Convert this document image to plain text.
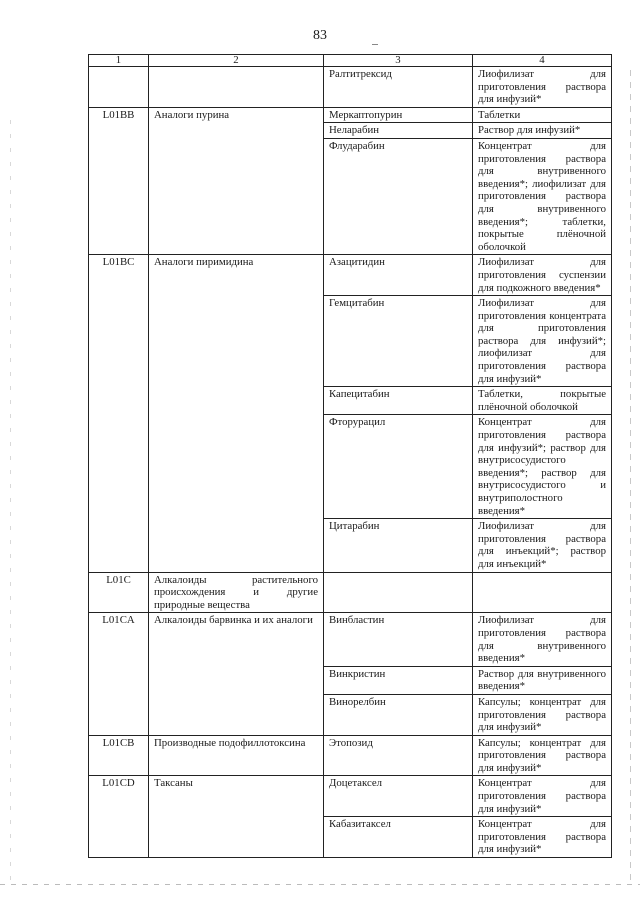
83
1	2	3	4
		Ралтитрексид	Лиофилизат для приготовления раствора для инфузий*
L01BB	Аналоги пурина	Меркаптопурин	Таблетки
		Неларабин	Раствор для инфузий*
		Флударабин	Концентрат для приготовления раствора для внутривенного введения*; лиофилизат для приготовления раствора для внутривенного введения*; таблетки, покрытые плёночной оболочкой
L01BC	Аналоги пиримидина	Азацитидин	Лиофилизат для приготовления суспензии для подкожного введения*
		Гемцитабин	Лиофилизат для приготовления концентрата для приготовления раствора для инфузий*; лиофилизат для приготовления раствора для инфузий*
		Капецитабин	Таблетки, покрытые плёночной оболочкой
		Фторурацил	Концентрат для приготовления раствора для инфузий*; раствор для внутрисосудистого введения*; раствор для внутрисосудистого и внутриполостного введения*
		Цитарабин	Лиофилизат для приготовления раствора для инъекций*; раствор для инъекций*
L01C	Алкалоиды растительного происхождения и другие природные вещества		
L01CA	Алкалоиды барвинка и их аналоги	Винбластин	Лиофилизат для приготовления раствора для внутривенного введения*
		Винкристин	Раствор для внутривенного введения*
		Винорелбин	Капсулы; концентрат для приготовления раствора для инфузий*
L01CB	Производные подофиллотоксина	Этопозид	Капсулы; концентрат для приготовления раствора для инфузий*
L01CD	Таксаны	Доцетаксел	Концентрат для приготовления раствора для инфузий*
		Кабазитаксел	Концентрат для приготовления раствора для инфузий*
